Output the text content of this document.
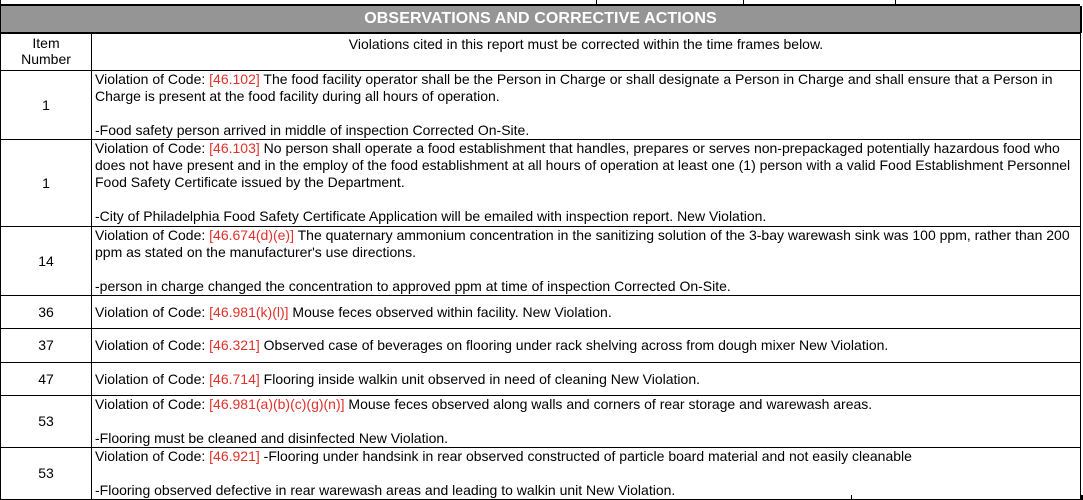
OBSERVATIONS AND CORRECTIVE ACTIONS
Item
Number	Violations cited in this report must be corrected within the time frames below.
1	Violation of Code: [46.102] The food facility operator shall be the Person in Charge or shall designate a Person in Charge and shall ensure that a Person in Charge is present at the food facility during all hours of operation.
-Food safety person arrived in middle of inspection Corrected On-Site.

1	Violation of Code: [46.103] No person shall operate a food establishment that handles, prepares or serves non-prepackaged potentially hazardous food who does not have present and in the employ of the food establishment at all hours of operation at least one (1) person with a valid Food Establishment Personnel Food Safety Certificate issued by the Department.
-City of Philadelphia Food Safety Certificate Application will be emailed with inspection report. New Violation.

14	Violation of Code: [46.674(d)(e)] The quaternary ammonium concentration in the sanitizing solution of the 3-bay warewash sink was 100 ppm, rather than 200 ppm as stated on the manufacturer's use directions.
-person in charge changed the concentration to approved ppm at time of inspection Corrected On-Site.

36	Violation of Code: [46.981(k)(l)] Mouse feces observed within facility. New Violation.

37	Violation of Code: [46.321] Observed case of beverages on flooring under rack shelving across from dough mixer New Violation.

47	Violation of Code: [46.714] Flooring inside walkin unit observed in need of cleaning New Violation.

53	Violation of Code: [46.981(a)(b)(c)(g)(n)] Mouse feces observed along walls and corners of rear storage and warewash areas.
-Flooring must be cleaned and disinfected New Violation.

53	Violation of Code: [46.921] -Flooring under handsink in rear observed constructed of particle board material and not easily cleanable
-Flooring observed defective in rear warewash areas and leading to walkin unit New Violation.
